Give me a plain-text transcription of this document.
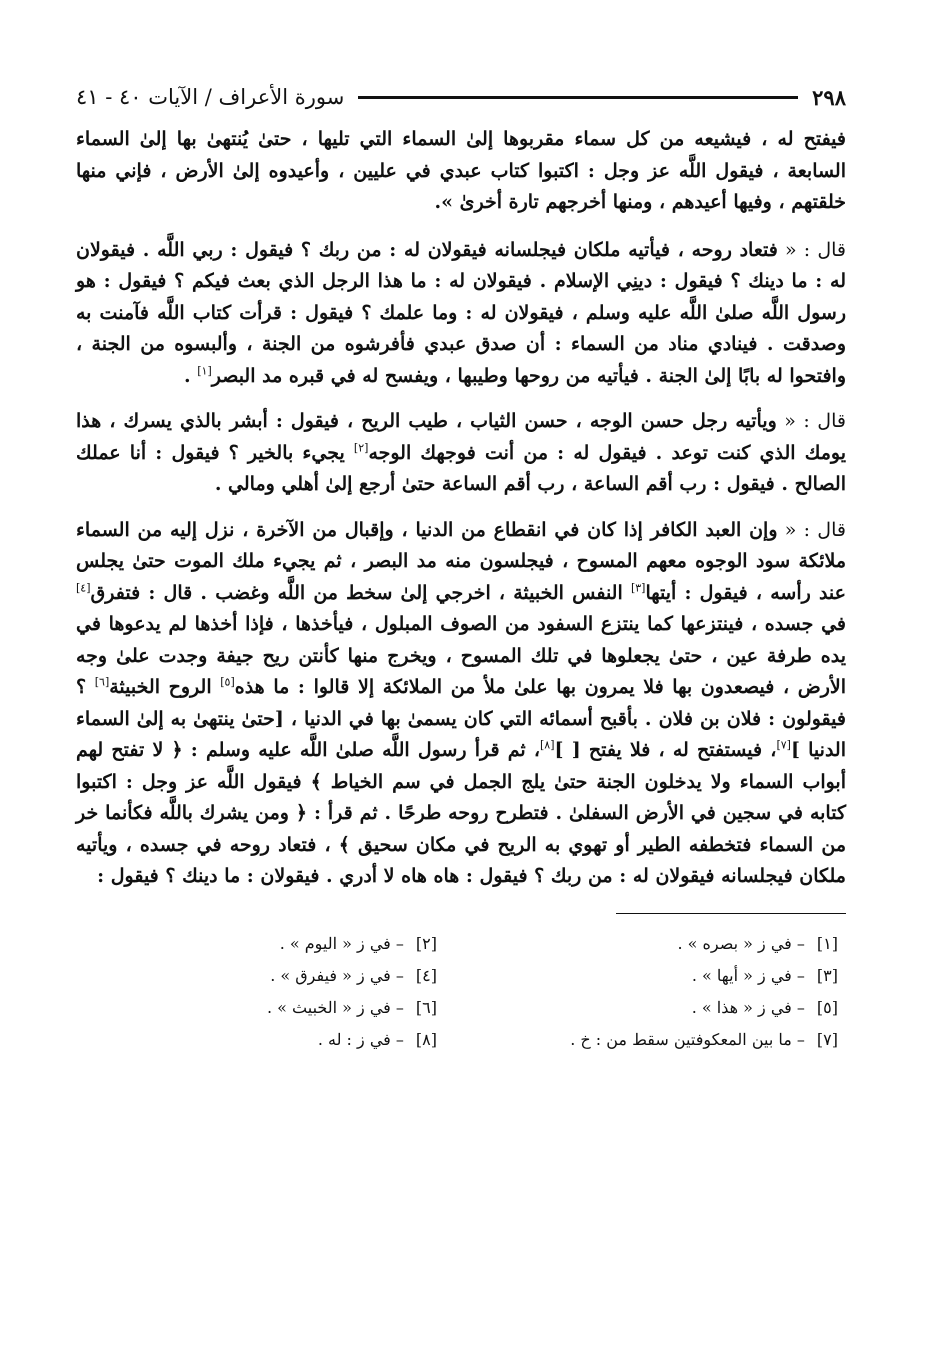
٢٩٨
سورة الأعراف / الآيات ٤٠ - ٤١

فيفتح له ، فيشيعه من كل سماء مقربوها إلىٰ السماء التي تليها ، حتىٰ يُنتهىٰ بها إلىٰ السماء السابعة ، فيقول اللَّه عز وجل : اكتبوا كتاب عبدي في عليين ، وأعيدوه إلىٰ الأرض ، فإني منها خلقتهم ، وفيها أعيدهم ، ومنها أخرجهم تارة أخرىٰ ».

قال : « فتعاد روحه ، فيأتيه ملكان فيجلسانه فيقولان له : من ربك ؟ فيقول : ربي اللَّه . فيقولان له : ما دينك ؟ فيقول : دينِي الإسلام . فيقولان له : ما هذا الرجل الذي بعث فيكم ؟ فيقول : هو رسول اللَّه صلىٰ اللَّه عليه وسلم ، فيقولان له : وما علمك ؟ فيقول : قرأت كتاب اللَّه فآمنت به وصدقت . فينادي مناد من السماء : أن صدق عبدي فأفرشوه من الجنة ، وألبسوه من الجنة ، وافتحوا له بابًا إلىٰ الجنة . فيأتيه من روحها وطيبها ، ويفسح له في قبره مد البصر[١] .

قال : « ويأتيه رجل حسن الوجه ، حسن الثياب ، طيب الريح ، فيقول : أبشر بالذي يسرك ، هذا يومك الذي كنت توعد . فيقول له : من أنت فوجهك الوجه[٢] يجيء بالخير ؟ فيقول : أنا عملك الصالح . فيقول : رب أقم الساعة ، رب أقم الساعة حتىٰ أرجع إلىٰ أهلي ومالي .

قال : « وإن العبد الكافر إذا كان في انقطاع من الدنيا ، وإقبال من الآخرة ، نزل إليه من السماء ملائكة سود الوجوه معهم المسوح ، فيجلسون منه مد البصر ، ثم يجيء ملك الموت حتىٰ يجلس عند رأسه ، فيقول : أيتها[٣] النفس الخبيثة ، اخرجي إلىٰ سخط من اللَّه وغضب . قال : فتفرق[٤] في جسده ، فينتزعها كما ينتزع السفود من الصوف المبلول ، فيأخذها ، فإذا أخذها لم يدعوها في يده طرفة عين ، حتىٰ يجعلوها في تلك المسوح ، ويخرج منها كأنتن ريح جيفة وجدت علىٰ وجه الأرض ، فيصعدون بها فلا يمرون بها علىٰ ملأ من الملائكة إلا قالوا : ما هذه[٥] الروح الخبيثة[٦] ؟ فيقولون : فلان بن فلان . بأقبح أسمائه التي كان يسمىٰ بها في الدنيا ، [حتىٰ ينتهىٰ به إلىٰ السماء الدنيا ][٧]، فيستفتح له ، فلا يفتح [ ][٨]، ثم قرأ رسول اللَّه صلىٰ اللَّه عليه وسلم : ﴿ لا تفتح لهم أبواب السماء ولا يدخلون الجنة حتىٰ يلج الجمل في سم الخياط ﴾ فيقول اللَّه عز وجل : اكتبوا كتابه في سجين في الأرض السفلىٰ . فتطرح روحه طرحًا . ثم قرأ : ﴿ ومن يشرك باللَّه فكأنما خر من السماء فتخطفه الطير أو تهوي به الريح في مكان سحيق ﴾ ، فتعاد روحه في جسده ، ويأتيه ملكان فيجلسانه فيقولان له : من ربك ؟ فيقول : هاه هاه لا أدري . فيقولان : ما دينك ؟ فيقول :

[١]– في ز « بصره » .
[٢]– في ز « اليوم » .
[٣]– في ز « أيها » .
[٤]– في ز « فيفرق » .
[٥]– في ز « هذا » .
[٦]– في ز « الخبيث » .
[٧]– ما بين المعكوفتين سقط من : خ .
[٨]– في ز : له .
